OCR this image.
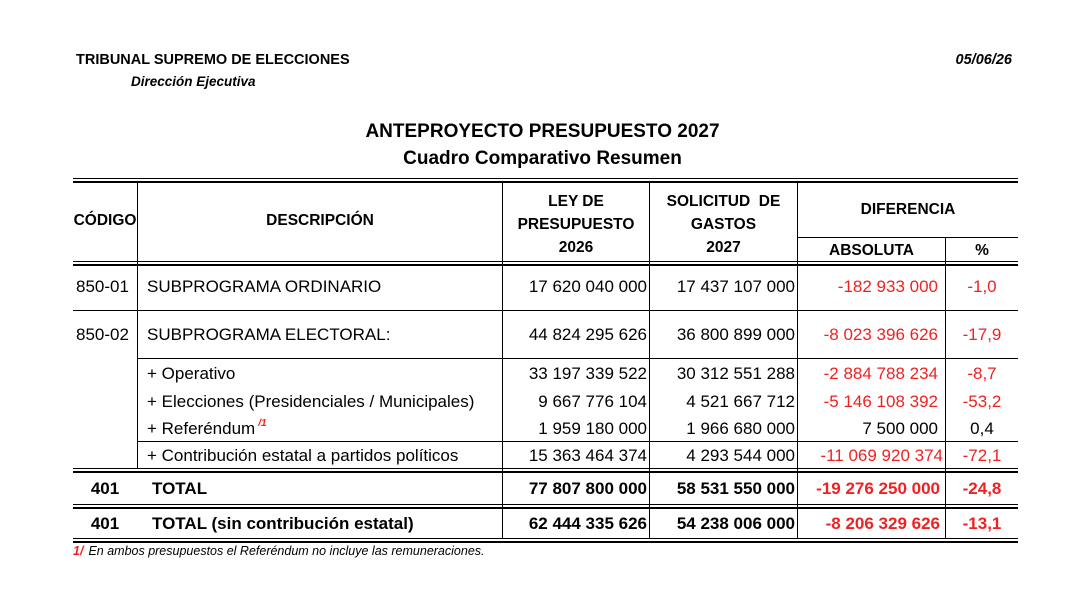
TRIBUNAL SUPREMO DE ELECCIONES
Dirección Ejecutiva
05/06/26
ANTEPROYECTO PRESUPUESTO 2027
Cuadro Comparativo Resumen
CÓDIGO	DESCRIPCIÓN
LEY DE
PRESUPUESTO
2026
SOLICITUD  DE
GASTOS
2027
DIFERENCIA
ABSOLUTA	%
850-01 SUBPROGRAMA ORDINARIO	17 620 040 000	17 437 107 000	-182 933 000	-1,0
850-02 SUBPROGRAMA ELECTORAL:	44 824 295 626	36 800 899 000	-8 023 396 626	-17,9
+ Operativo	33 197 339 522	30 312 551 288	-2 884 788 234	-8,7
+ Elecciones (Presidenciales / Municipales)	9 667 776 104	4 521 667 712	-5 146 108 392	-53,2
+ Referéndum $^{/1}$	1 959 180 000	1 966 680 000	7 500 000	0,4
+ Contribución estatal a partidos políticos	15 363 464 374	4 293 544 000	-11 069 920 374	-72,1
401	TOTAL	77 807 800 000	58 531 550 000	-19 276 250 000	-24,8
401	TOTAL (sin contribución estatal)	62 444 335 626	54 238 006 000	-8 206 329 626	-13,1
1/ En ambos presupuestos el Referéndum no incluye las remuneraciones.
